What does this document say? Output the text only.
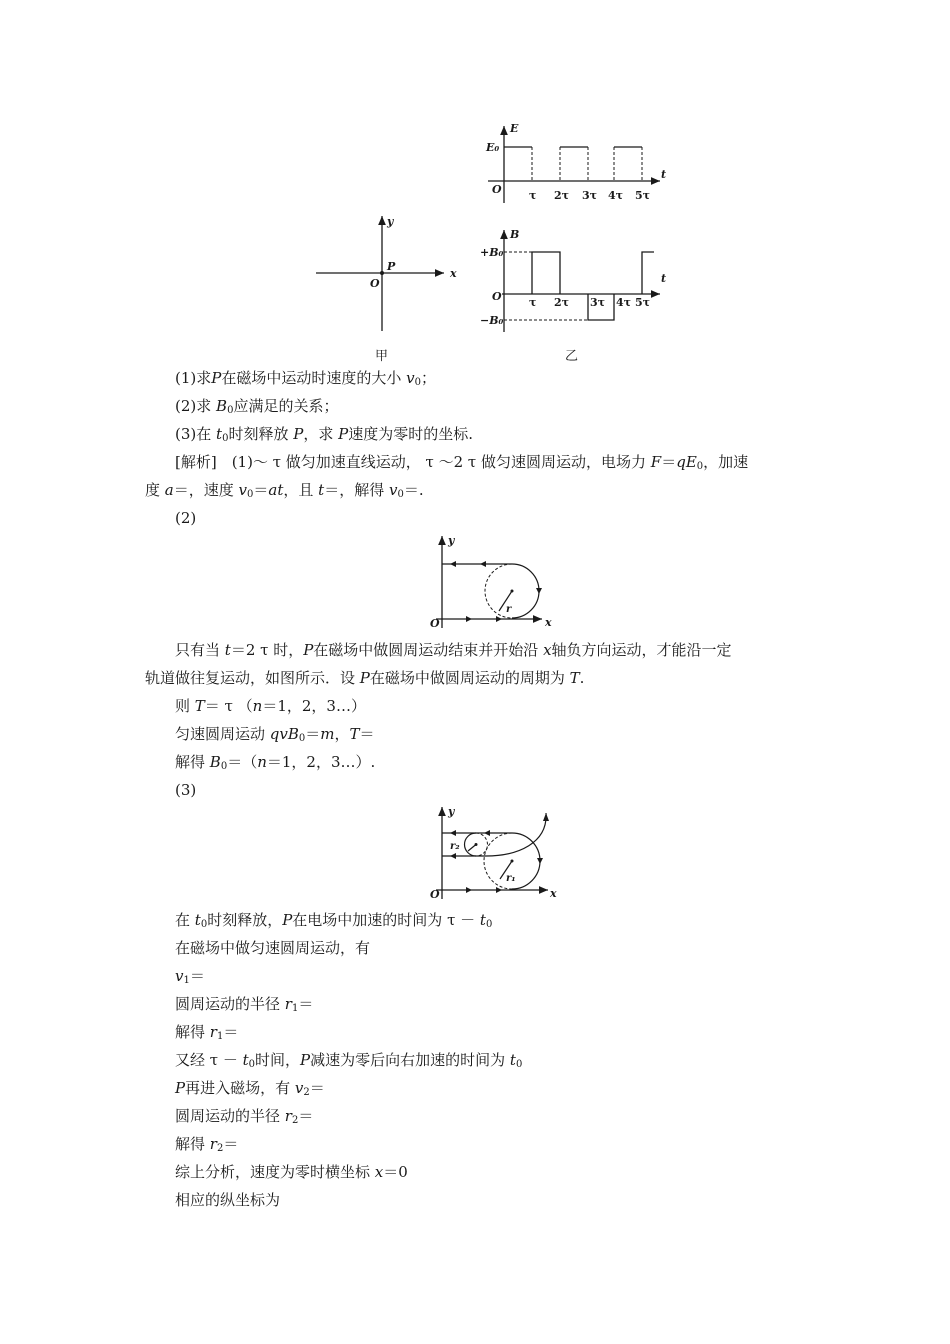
E
t
E₀
O τ 2τ 3τ 4τ 5τ
y
x
O
P
B
t
+B₀
−B₀
O τ 2τ 3τ 4τ 5τ
甲	乙
(1)求P在磁场中运动时速度的大小 $v_0$；
(2)求 $B_0$应满足的关系；
(3)在 $t_0$时刻释放 P，求 P速度为零时的坐标.
[解析]　(1)～ τ 做匀加速直线运动， τ ～2 τ 做匀速圆周运动，电场力 $F=qE_0$，加速
度 a＝，速度 $v_0=at$，且 t＝，解得 $v_0=$.
(2)
y
x
O
r
只有当 t＝2 τ 时，P在磁场中做圆周运动结束并开始沿 x轴负方向运动，才能沿一定
轨道做往复运动，如图所示．设 P在磁场中做圆周运动的周期为 T.
则 T＝ τ （n＝1，2，3…）
匀速圆周运动 qvB$_0$＝m，T＝
解得 $B_0=(n=1$，2，3…）.
(3)
y
x
O
r₁
r₂
在 $t_0$时刻释放，P在电场中加速的时间为 $\tau - t_0$
在磁场中做匀速圆周运动，有
$v_1=$
圆周运动的半径 $r_1=$
解得 $r_1=$
又经 $\tau - t_0$时间，P减速为零后向右加速的时间为 $t_0$
P再进入磁场，有 $v_2=$
圆周运动的半径 $r_2=$
解得 $r_2=$
综上分析，速度为零时横坐标 x＝0
相应的纵坐标为
